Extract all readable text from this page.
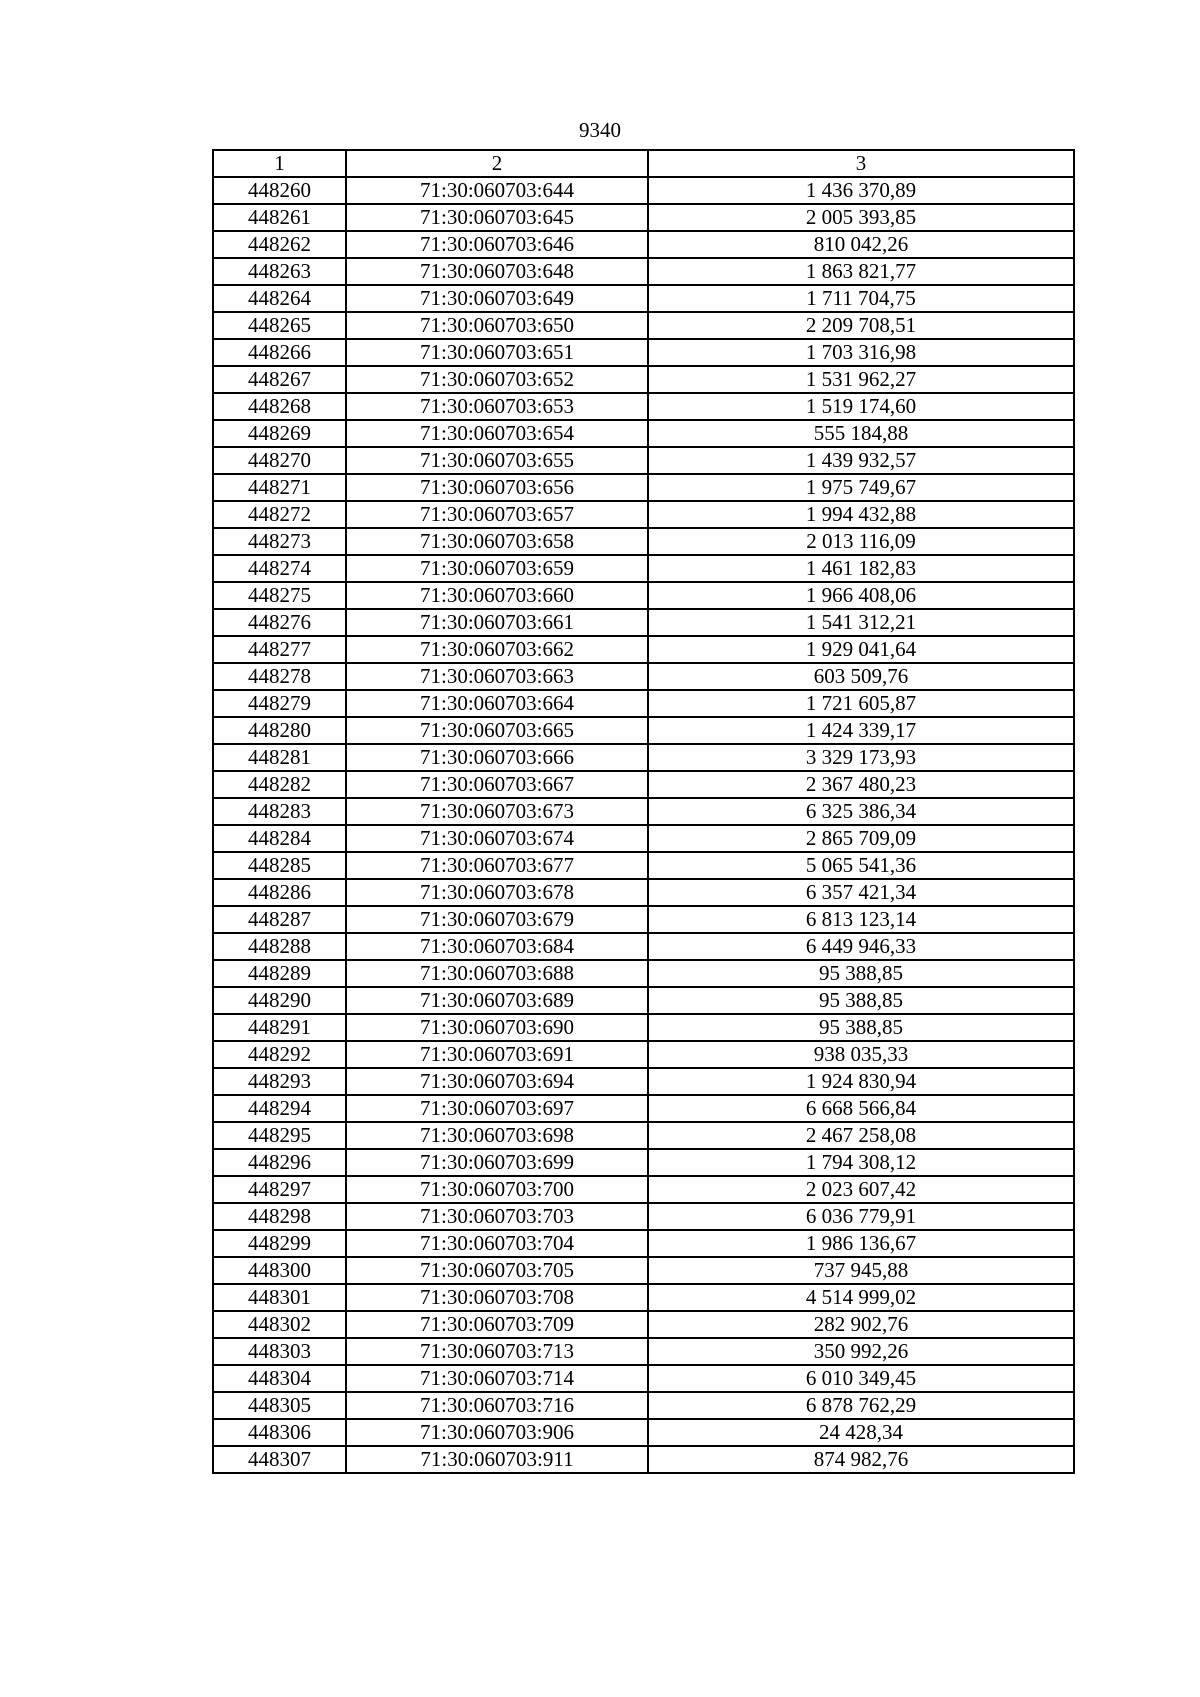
9340
1	2	3
448260	71:30:060703:644	1 436 370,89
448261	71:30:060703:645	2 005 393,85
448262	71:30:060703:646	810 042,26
448263	71:30:060703:648	1 863 821,77
448264	71:30:060703:649	1 711 704,75
448265	71:30:060703:650	2 209 708,51
448266	71:30:060703:651	1 703 316,98
448267	71:30:060703:652	1 531 962,27
448268	71:30:060703:653	1 519 174,60
448269	71:30:060703:654	555 184,88
448270	71:30:060703:655	1 439 932,57
448271	71:30:060703:656	1 975 749,67
448272	71:30:060703:657	1 994 432,88
448273	71:30:060703:658	2 013 116,09
448274	71:30:060703:659	1 461 182,83
448275	71:30:060703:660	1 966 408,06
448276	71:30:060703:661	1 541 312,21
448277	71:30:060703:662	1 929 041,64
448278	71:30:060703:663	603 509,76
448279	71:30:060703:664	1 721 605,87
448280	71:30:060703:665	1 424 339,17
448281	71:30:060703:666	3 329 173,93
448282	71:30:060703:667	2 367 480,23
448283	71:30:060703:673	6 325 386,34
448284	71:30:060703:674	2 865 709,09
448285	71:30:060703:677	5 065 541,36
448286	71:30:060703:678	6 357 421,34
448287	71:30:060703:679	6 813 123,14
448288	71:30:060703:684	6 449 946,33
448289	71:30:060703:688	95 388,85
448290	71:30:060703:689	95 388,85
448291	71:30:060703:690	95 388,85
448292	71:30:060703:691	938 035,33
448293	71:30:060703:694	1 924 830,94
448294	71:30:060703:697	6 668 566,84
448295	71:30:060703:698	2 467 258,08
448296	71:30:060703:699	1 794 308,12
448297	71:30:060703:700	2 023 607,42
448298	71:30:060703:703	6 036 779,91
448299	71:30:060703:704	1 986 136,67
448300	71:30:060703:705	737 945,88
448301	71:30:060703:708	4 514 999,02
448302	71:30:060703:709	282 902,76
448303	71:30:060703:713	350 992,26
448304	71:30:060703:714	6 010 349,45
448305	71:30:060703:716	6 878 762,29
448306	71:30:060703:906	24 428,34
448307	71:30:060703:911	874 982,76
